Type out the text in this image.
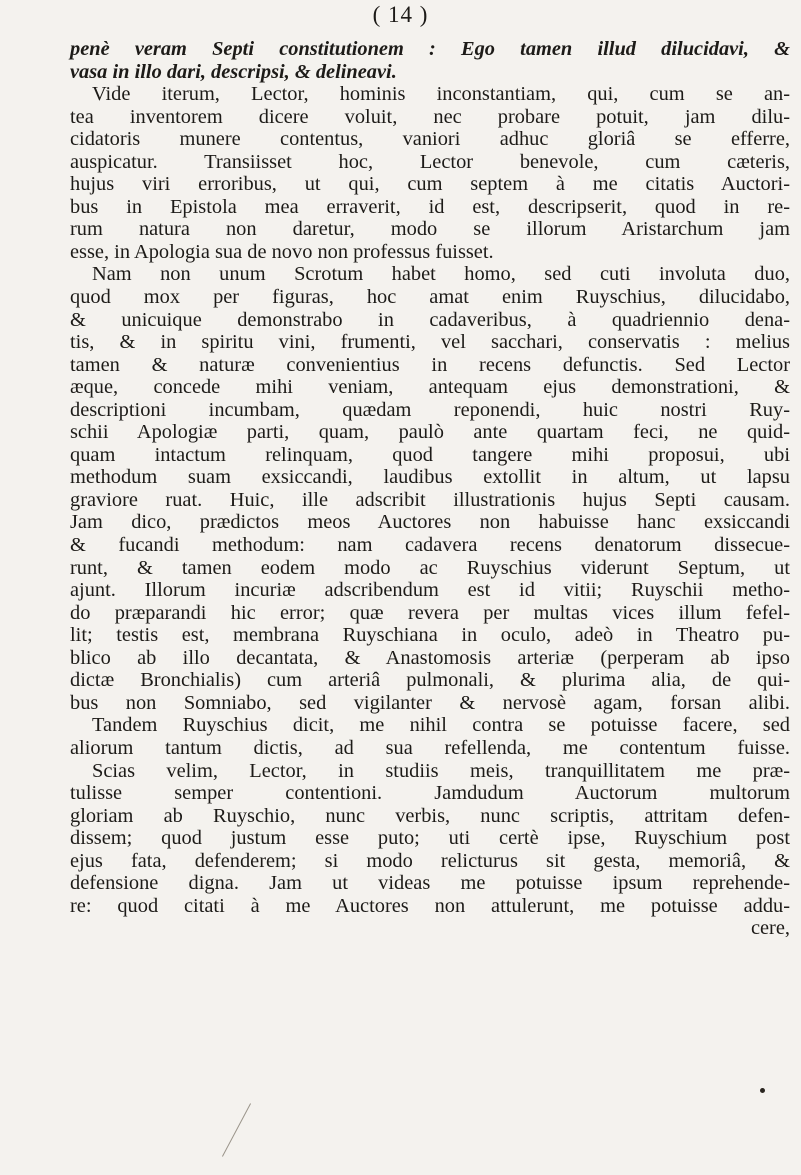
( 14 )
penè veram Septi constitutionem : Ego tamen illud dilucidavi, &
vasa in illo dari, descripsi, & delineavi.
Vide iterum, Lector, hominis inconstantiam, qui, cum se an-
tea inventorem dicere voluit, nec probare potuit, jam dilu-
cidatoris munere contentus, vaniori adhuc gloriâ se efferre,
auspicatur. Transiisset hoc, Lector benevole, cum cæteris,
hujus viri erroribus, ut qui, cum septem à me citatis Auctori-
bus in Epistola mea erraverit, id est, descripserit, quod in re-
rum natura non daretur, modo se illorum Aristarchum jam
esse, in Apologia sua de novo non professus fuisset.
Nam non unum Scrotum habet homo, sed cuti involuta duo,
quod mox per figuras, hoc amat enim Ruyschius, dilucidabo,
& unicuique demonstrabo in cadaveribus, à quadriennio dena-
tis, & in spiritu vini, frumenti, vel sacchari, conservatis : melius
tamen & naturæ convenientius in recens defunctis. Sed Lector
æque, concede mihi veniam, antequam ejus demonstrationi, &
descriptioni incumbam, quædam reponendi, huic nostri Ruy-
schii Apologiæ parti, quam, paulò ante quartam feci, ne quid-
quam intactum relinquam, quod tangere mihi proposui, ubi
methodum suam exsiccandi, laudibus extollit in altum, ut lapsu
graviore ruat. Huic, ille adscribit illustrationis hujus Septi causam.
Jam dico, prædictos meos Auctores non habuisse hanc exsiccandi
& fucandi methodum: nam cadavera recens denatorum dissecue-
runt, & tamen eodem modo ac Ruyschius viderunt Septum, ut
ajunt. Illorum incuriæ adscribendum est id vitii; Ruyschii metho-
do præparandi hic error; quæ revera per multas vices illum fefel-
lit; testis est, membrana Ruyschiana in oculo, adeò in Theatro pu-
blico ab illo decantata, & Anastomosis arteriæ (perperam ab ipso
dictæ Bronchialis) cum arteriâ pulmonali, & plurima alia, de qui-
bus non Somniabo, sed vigilanter & nervosè agam, forsan alibi.
Tandem Ruyschius dicit, me nihil contra se potuisse facere, sed
aliorum tantum dictis, ad sua refellenda, me contentum fuisse.
Scias velim, Lector, in studiis meis, tranquillitatem me præ-
tulisse semper contentioni. Jamdudum Auctorum multorum
gloriam ab Ruyschio, nunc verbis, nunc scriptis, attritam defen-
dissem; quod justum esse puto; uti certè ipse, Ruyschium post
ejus fata, defenderem; si modo relicturus sit gesta, memoriâ, &
defensione digna. Jam ut videas me potuisse ipsum reprehende-
re: quod citati à me Auctores non attulerunt, me potuisse addu-
cere,
